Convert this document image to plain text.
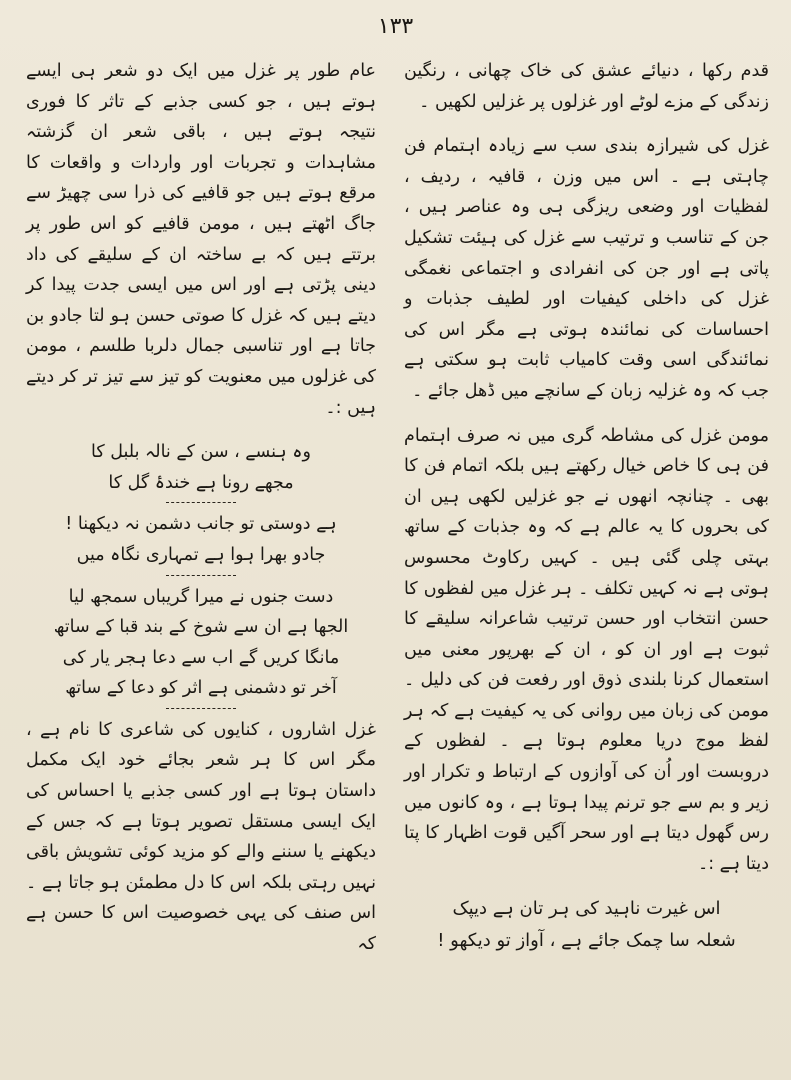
۱۳۳

قدم رکھا ، دنیائے عشق کی خاک چھانی ، رنگین زندگی کے مزے لوٹے اور غزلوں پر غزلیں لکھیں ۔

غزل کی شیرازہ بندی سب سے زیادہ اہتمام فن چاہتی ہے ۔ اس میں وزن ، قافیہ ، ردیف ، لفظیات اور وضعی ریزگی ہی وہ عناصر ہیں ، جن کے تناسب و ترتیب سے غزل کی ہیئت تشکیل پاتی ہے اور جن کی انفرادی و اجتماعی نغمگی غزل کی داخلی کیفیات اور لطیف جذبات و احساسات کی نمائندہ ہوتی ہے مگر اس کی نمائندگی اسی وقت کامیاب ثابت ہو سکتی ہے جب کہ وہ غزلیہ زبان کے سانچے میں ڈھل جائے ۔

مومن غزل کی مشاطہ گری میں نہ صرف اہتمام فن ہی کا خاص خیال رکھتے ہیں بلکہ اتمام فن کا بھی ۔ چنانچہ انھوں نے جو غزلیں لکھی ہیں ان کی بحروں کا یہ عالم ہے کہ وہ جذبات کے ساتھ بہتی چلی گئی ہیں ۔ کہیں رکاوٹ محسوس ہوتی ہے نہ کہیں تکلف ۔ ہر غزل میں لفظوں کا حسن انتخاب اور حسن ترتیب شاعرانہ سلیقے کا ثبوت ہے اور ان کو ، ان کے بھرپور معنی میں استعمال کرنا بلندی ذوق اور رفعت فن کی دلیل ۔ مومن کی زبان میں روانی کی یہ کیفیت ہے کہ ہر لفظ موج دریا معلوم ہوتا ہے ۔ لفظوں کے دروبست اور اُن کی آوازوں کے ارتباط و تکرار اور زیر و بم سے جو ترنم پیدا ہوتا ہے ، وہ کانوں میں رس گھول دیتا ہے اور سحر آگیں قوت اظہار کا پتا دیتا ہے :۔

اس غیرت ناہید کی ہر تان ہے دیپک
شعلہ سا چمک جائے ہے ، آواز تو دیکھو !

عام طور پر غزل میں ایک دو شعر ہی ایسے ہوتے ہیں ، جو کسی جذبے کے تاثر کا فوری نتیجہ ہوتے ہیں ، باقی شعر ان گزشتہ مشاہدات و تجربات اور واردات و واقعات کا مرقع ہوتے ہیں جو قافیے کی ذرا سی چھیڑ سے جاگ اٹھتے ہیں ، مومن قافیے کو اس طور پر برتتے ہیں کہ بے ساختہ ان کے سلیقے کی داد دینی پڑتی ہے اور اس میں ایسی جدت پیدا کر دیتے ہیں کہ غزل کا صوتی حسن ہو لتا جادو بن جاتا ہے اور تناسبی جمال دلربا طلسم ، مومن کی غزلوں میں معنویت کو تیز سے تیز تر کر دیتے ہیں :۔

وہ ہنسے ، سن کے نالہ بلبل کا
مجھے رونا ہے خندۂ گل کا
ہے دوستی تو جانب دشمن نہ دیکھنا !
جادو بھرا ہوا ہے تمہاری نگاہ میں
دست جنوں نے میرا گریباں سمجھ لیا
الجھا ہے ان سے شوخ کے بند قبا کے ساتھ
مانگا کریں گے اب سے دعا ہجر یار کی
آخر تو دشمنی ہے اثر کو دعا کے ساتھ

غزل اشاروں ، کنایوں کی شاعری کا نام ہے ، مگر اس کا ہر شعر بجائے خود ایک مکمل داستان ہوتا ہے اور کسی جذبے یا احساس کی ایک ایسی مستقل تصویر ہوتا ہے کہ جس کے دیکھنے یا سننے والے کو مزید کوئی تشویش باقی نہیں رہتی بلکہ اس کا دل مطمئن ہو جاتا ہے ۔ اس صنف کی یہی خصوصیت اس کا حسن ہے کہ
